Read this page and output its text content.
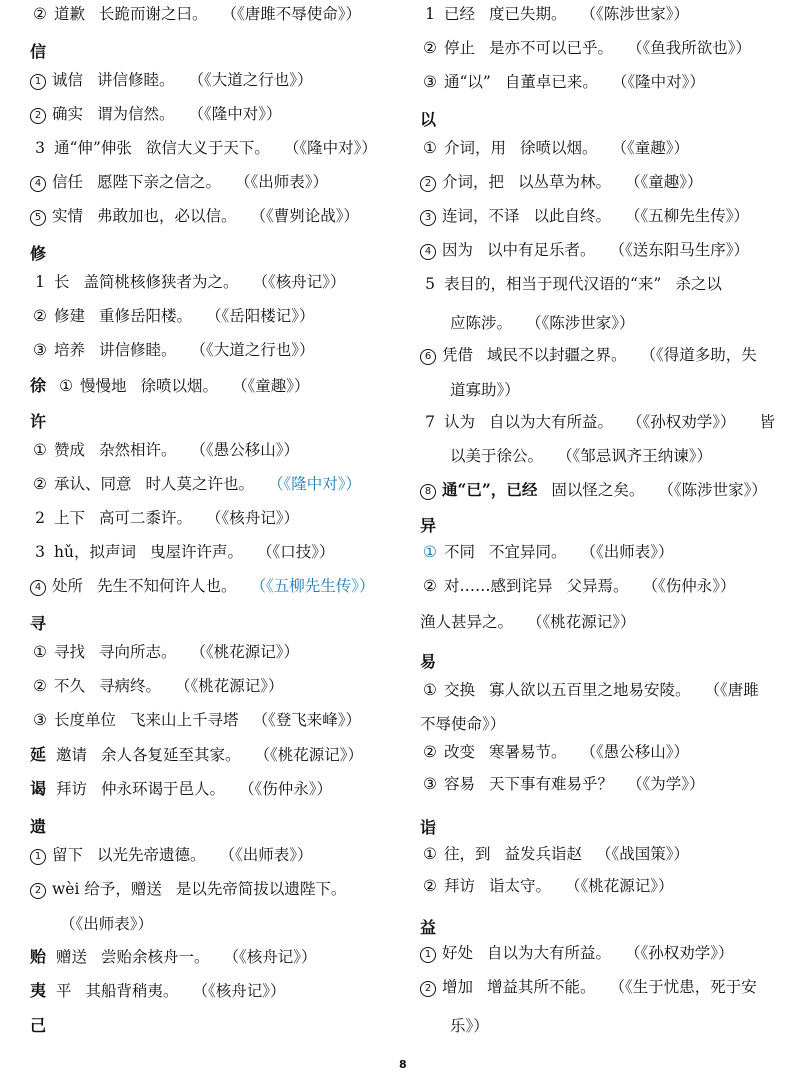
② 道歉 长跪而谢之曰。 （《唐雎不辱使命》）
信
1 诚信 讲信修睦。 （《大道之行也》）
2 确实 谓为信然。 （《隆中对》）
3 通“伸”伸张 欲信大义于天下。 （《隆中对》）
4 信任 愿陛下亲之信之。 （《出师表》）
5 实情 弗敢加也，必以信。 （《曹刿论战》）
修
1 长 盖简桃核修狭者为之。 （《核舟记》）
② 修建 重修岳阳楼。 （《岳阳楼记》）
③ 培养 讲信修睦。 （《大道之行也》）
徐 ① 慢慢地 徐喷以烟。 （《童趣》）
许
① 赞成 杂然相许。 （《愚公移山》）
② 承认、同意 时人莫之许也。 （《隆中对》）
2 上下 高可二黍许。 （《核舟记》）
3 hǔ，拟声词 曳屋许许声。 （《口技》）
4 处所 先生不知何许人也。 （《五柳先生传》）
寻
① 寻找 寻向所志。 （《桃花源记》）
② 不久 寻病终。 （《桃花源记》）
③ 长度单位 飞来山上千寻塔 （《登飞来峰》）
延 邀请 余人各复延至其家。 （《桃花源记》）
谒 拜访 仲永环谒于邑人。 （《伤仲永》）
遗
1 留下 以光先帝遗德。 （《出师表》）
2 wèi 给予，赠送 是以先帝简拔以遗陛下。
（《出师表》）
贻 赠送 尝贻余核舟一。 （《核舟记》）
夷 平 其船背稍夷。 （《核舟记》）
己
1 已经 度已失期。 （《陈涉世家》）
② 停止 是亦不可以已乎。 （《鱼我所欲也》）
③ 通“以” 自董卓已来。 （《隆中对》）
以
① 介词，用 徐喷以烟。 （《童趣》）
2 介词，把 以丛草为林。 （《童趣》）
3 连词，不译 以此自终。 （《五柳先生传》）
4 因为 以中有足乐者。 （《送东阳马生序》）
5 表目的，相当于现代汉语的“来” 杀之以
应陈涉。 （《陈涉世家》）
6 凭借 域民不以封疆之界。 （《得道多助，失
道寡助》）
7 认为 自以为大有所益。 （《孙权劝学》） 皆
以美于徐公。 （《邹忌讽齐王纳谏》）
8 通“已”，已经 固以怪之矣。 （《陈涉世家》）
异
① 不同 不宜异同。 （《出师表》）
② 对……感到诧异 父异焉。 （《伤仲永》）
渔人甚异之。 （《桃花源记》）
易
① 交换 寡人欲以五百里之地易安陵。 （《唐雎
不辱使命》）
② 改变 寒暑易节。 （《愚公移山》）
③ 容易 天下事有难易乎？ （《为学》）
诣
① 往，到 益发兵诣赵 （《战国策》）
② 拜访 诣太守。 （《桃花源记》）
益
1 好处 自以为大有所益。 （《孙权劝学》）
2 增加 增益其所不能。 （《生于忧患，死于安
乐》）
8
